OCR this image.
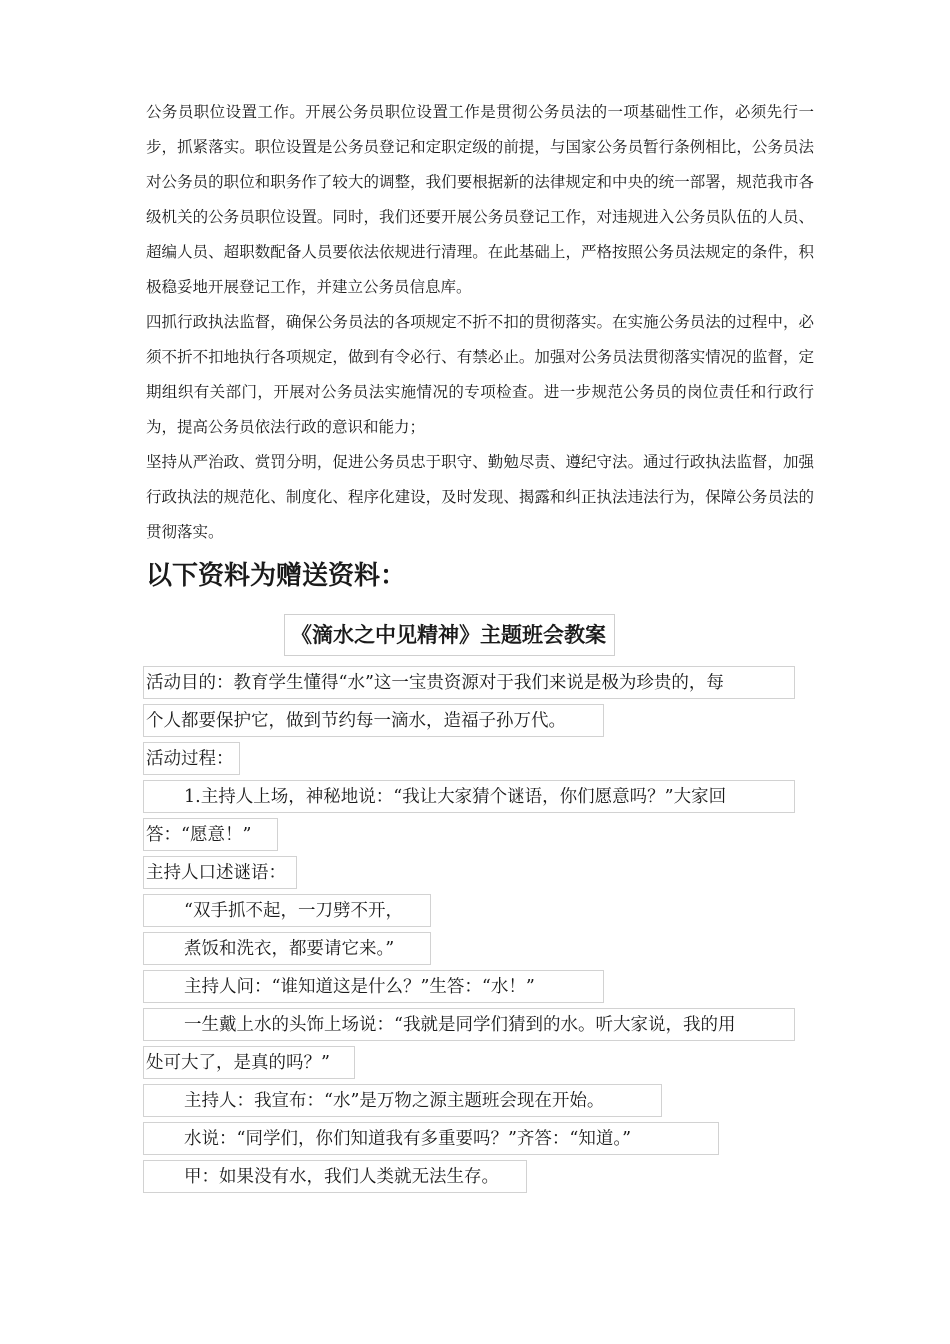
公务员职位设置工作。开展公务员职位设置工作是贯彻公务员法的一项基础性工作，必须先行一步，抓紧落实。职位设置是公务员登记和定职定级的前提，与国家公务员暂行条例相比，公务员法对公务员的职位和职务作了较大的调整，我们要根据新的法律规定和中央的统一部署，规范我市各级机关的公务员职位设置。同时，我们还要开展公务员登记工作，对违规进入公务员队伍的人员、超编人员、超职数配备人员要依法依规进行清理。在此基础上，严格按照公务员法规定的条件，积极稳妥地开展登记工作，并建立公务员信息库。

四抓行政执法监督，确保公务员法的各项规定不折不扣的贯彻落实。在实施公务员法的过程中，必须不折不扣地执行各项规定，做到有令必行、有禁必止。加强对公务员法贯彻落实情况的监督，定期组织有关部门，开展对公务员法实施情况的专项检查。进一步规范公务员的岗位责任和行政行为，提高公务员依法行政的意识和能力；

坚持从严治政、赏罚分明，促进公务员忠于职守、勤勉尽责、遵纪守法。通过行政执法监督，加强行政执法的规范化、制度化、程序化建设，及时发现、揭露和纠正执法违法行为，保障公务员法的贯彻落实。

以下资料为赠送资料：
《滴水之中见精神》主题班会教案
活动目的：教育学生懂得“水”这一宝贵资源对于我们来说是极为珍贵的，每
个人都要保护它，做到节约每一滴水，造福子孙万代。
活动过程：
1.主持人上场，神秘地说：“我让大家猜个谜语，你们愿意吗？”大家回
答：“愿意！”
主持人口述谜语：
“双手抓不起，一刀劈不开，
煮饭和洗衣，都要请它来。”
主持人问：“谁知道这是什么？”生答：“水！”
一生戴上水的头饰上场说：“我就是同学们猜到的水。听大家说，我的用
处可大了，是真的吗？”
主持人：我宣布：“水”是万物之源主题班会现在开始。
水说：“同学们，你们知道我有多重要吗？”齐答：“知道。”
甲：如果没有水，我们人类就无法生存。
